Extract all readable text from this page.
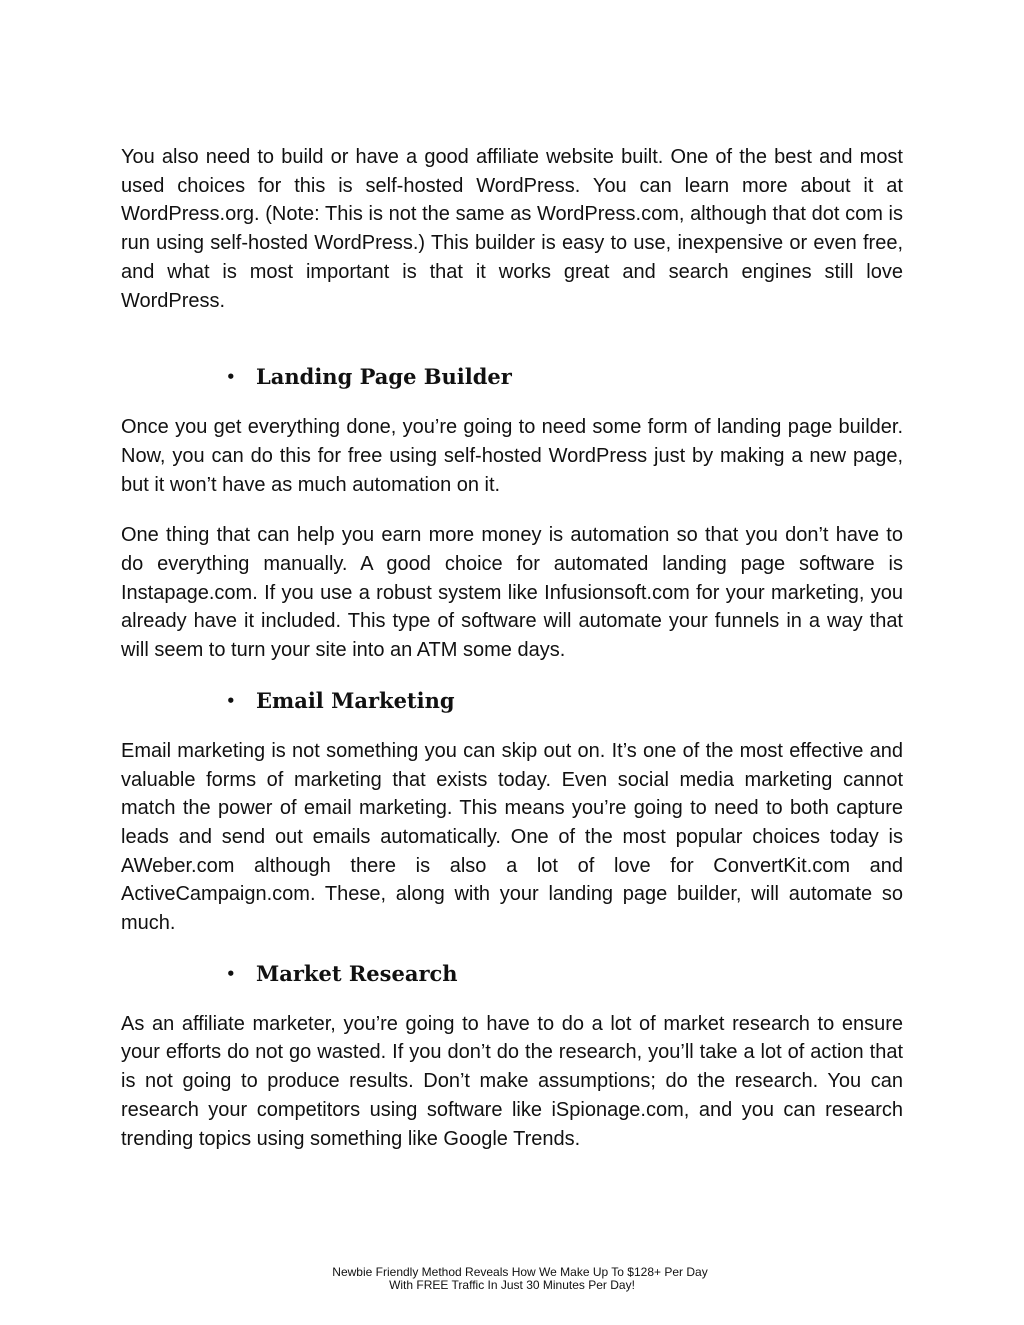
You also need to build or have a good affiliate website built. One of the best and most used choices for this is self-hosted WordPress. You can learn more about it at WordPress.org. (Note: This is not the same as WordPress.com, although that dot com is run using self-hosted WordPress.) This builder is easy to use, inexpensive or even free, and what is most important is that it works great and search engines still love WordPress.

• Landing Page Builder

Once you get everything done, you’re going to need some form of landing page builder. Now, you can do this for free using self-hosted WordPress just by making a new page, but it won’t have as much automation on it.

One thing that can help you earn more money is automation so that you don’t have to do everything manually. A good choice for automated landing page software is Instapage.com. If you use a robust system like Infusionsoft.com for your marketing, you already have it included. This type of software will automate your funnels in a way that will seem to turn your site into an ATM some days.

• Email Marketing

Email marketing is not something you can skip out on. It’s one of the most effective and valuable forms of marketing that exists today. Even social media marketing cannot match the power of email marketing. This means you’re going to need to both capture leads and send out emails automatically. One of the most popular choices today is AWeber.com although there is also a lot of love for ConvertKit.com and ActiveCampaign.com. These, along with your landing page builder, will automate so much.

• Market Research

As an affiliate marketer, you’re going to have to do a lot of market research to ensure your efforts do not go wasted. If you don’t do the research, you’ll take a lot of action that is not going to produce results. Don’t make assumptions; do the research. You can research your competitors using software like iSpionage.com, and you can research trending topics using something like Google Trends.

Newbie Friendly Method Reveals How We Make Up To $128+ Per Day
With FREE Traffic In Just 30 Minutes Per Day!
